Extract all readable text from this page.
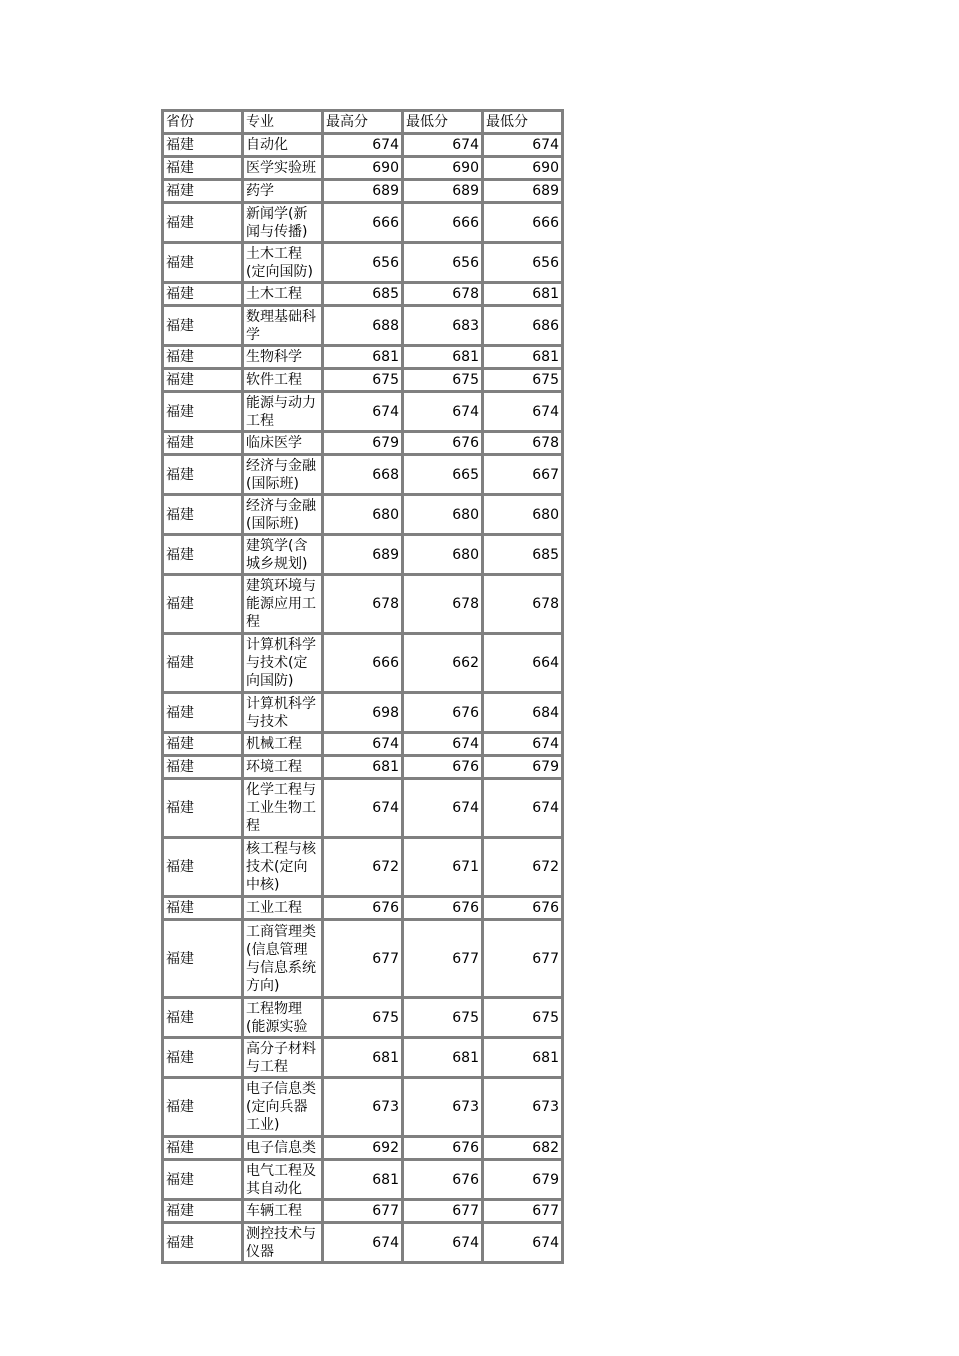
省份	专业	最高分	最低分	最低分
福建	自动化	674	674	674
福建	医学实验班	690	690	690
福建	药学	689	689	689
福建	新闻学(新闻与传播)	666	666	666
福建	土木工程(定向国防)	656	656	656
福建	土木工程	685	678	681
福建	数理基础科学	688	683	686
福建	生物科学	681	681	681
福建	软件工程	675	675	675
福建	能源与动力工程	674	674	674
福建	临床医学	679	676	678
福建	经济与金融(国际班)	668	665	667
福建	经济与金融(国际班)	680	680	680
福建	建筑学(含城乡规划)	689	680	685
福建	建筑环境与能源应用工程	678	678	678
福建	计算机科学与技术(定向国防)	666	662	664
福建	计算机科学与技术	698	676	684
福建	机械工程	674	674	674
福建	环境工程	681	676	679
福建	化学工程与工业生物工程	674	674	674
福建	核工程与核技术(定向中核)	672	671	672
福建	工业工程	676	676	676
福建	工商管理类(信息管理与信息系统方向)	677	677	677
福建	工程物理(能源实验	675	675	675
福建	高分子材料与工程	681	681	681
福建	电子信息类(定向兵器工业)	673	673	673
福建	电子信息类	692	676	682
福建	电气工程及其自动化	681	676	679
福建	车辆工程	677	677	677
福建	测控技术与仪器	674	674	674
